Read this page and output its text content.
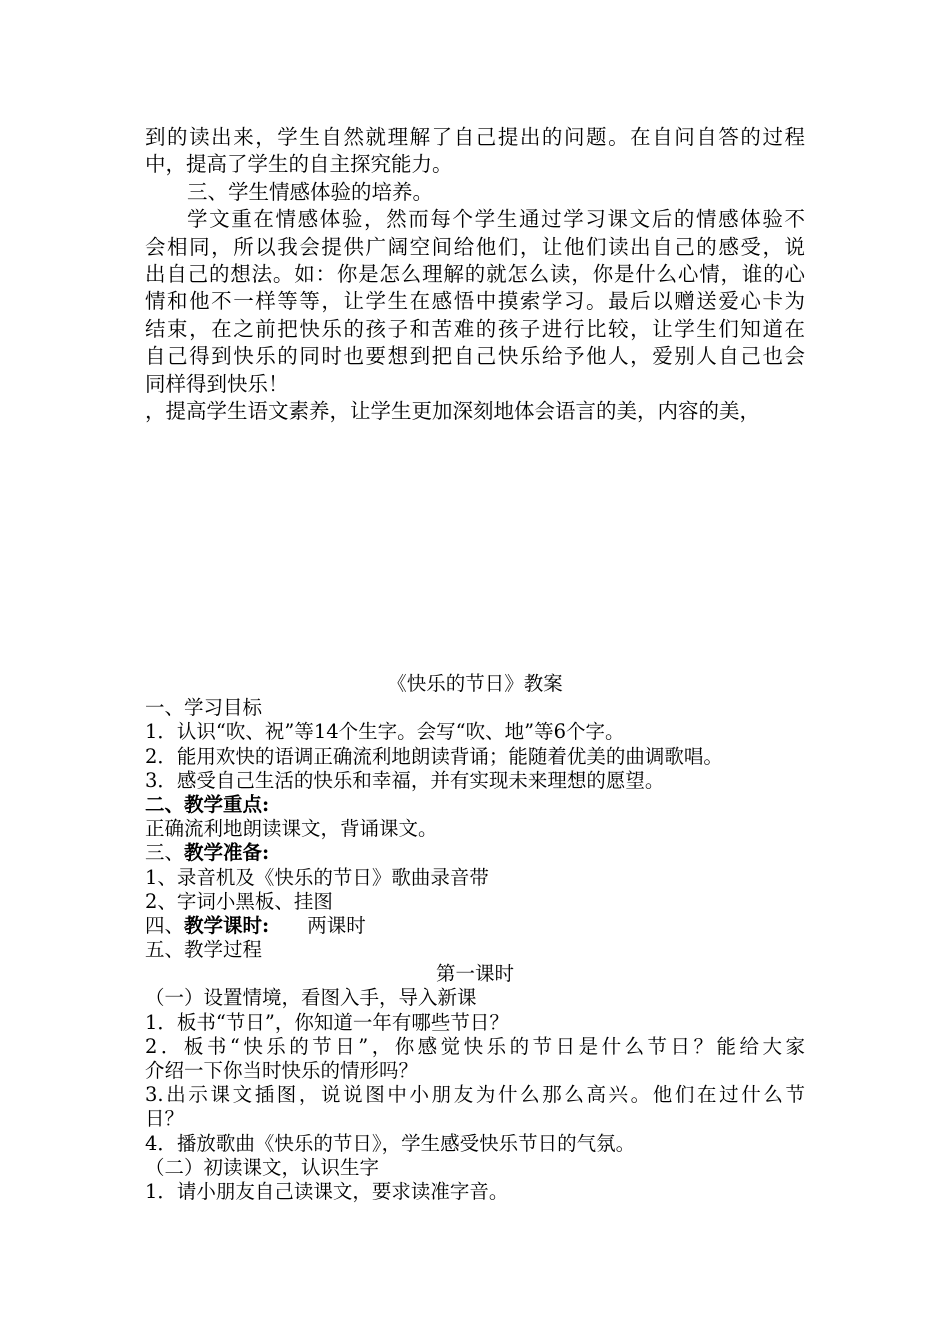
到的读出来，学生自然就理解了自己提出的问题。在自问自答的过程
中，提高了学生的自主探究能力。
三、学生情感体验的培养。
学文重在情感体验，然而每个学生通过学习课文后的情感体验不
会相同，所以我会提供广阔空间给他们，让他们读出自己的感受，说
出自己的想法。如：你是怎么理解的就怎么读，你是什么心情，谁的心
情和他不一样等等，让学生在感悟中摸索学习。最后以赠送爱心卡为
结束，在之前把快乐的孩子和苦难的孩子进行比较，让学生们知道在
自己得到快乐的同时也要想到把自己快乐给予他人，爱别人自己也会
同样得到快乐！
，提高学生语文素养，让学生更加深刻地体会语言的美，内容的美，
《快乐的节日》教案
一、学习目标
1．认识“吹、祝”等14个生字。会写“吹、地”等6个字。
2．能用欢快的语调正确流利地朗读背诵；能随着优美的曲调歌唱。
3．感受自己生活的快乐和幸福，并有实现未来理想的愿望。
二、教学重点:
正确流利地朗读课文，背诵课文。
三、教学准备:
1、录音机及《快乐的节日》歌曲录音带
2、字词小黑板、挂图
四、教学课时: 两课时
五、教学过程
第一课时
（一）设置情境，看图入手，导入新课
1．板书“节日”，你知道一年有哪些节日？
2．板书“快乐的节日”，你感觉快乐的节日是什么节日？能给大家
介绍一下你当时快乐的情形吗？
3.出示课文插图，说说图中小朋友为什么那么高兴。他们在过什么节
日？
4．播放歌曲《快乐的节日》，学生感受快乐节日的气氛。
（二）初读课文，认识生字
1．请小朋友自己读课文，要求读准字音。
